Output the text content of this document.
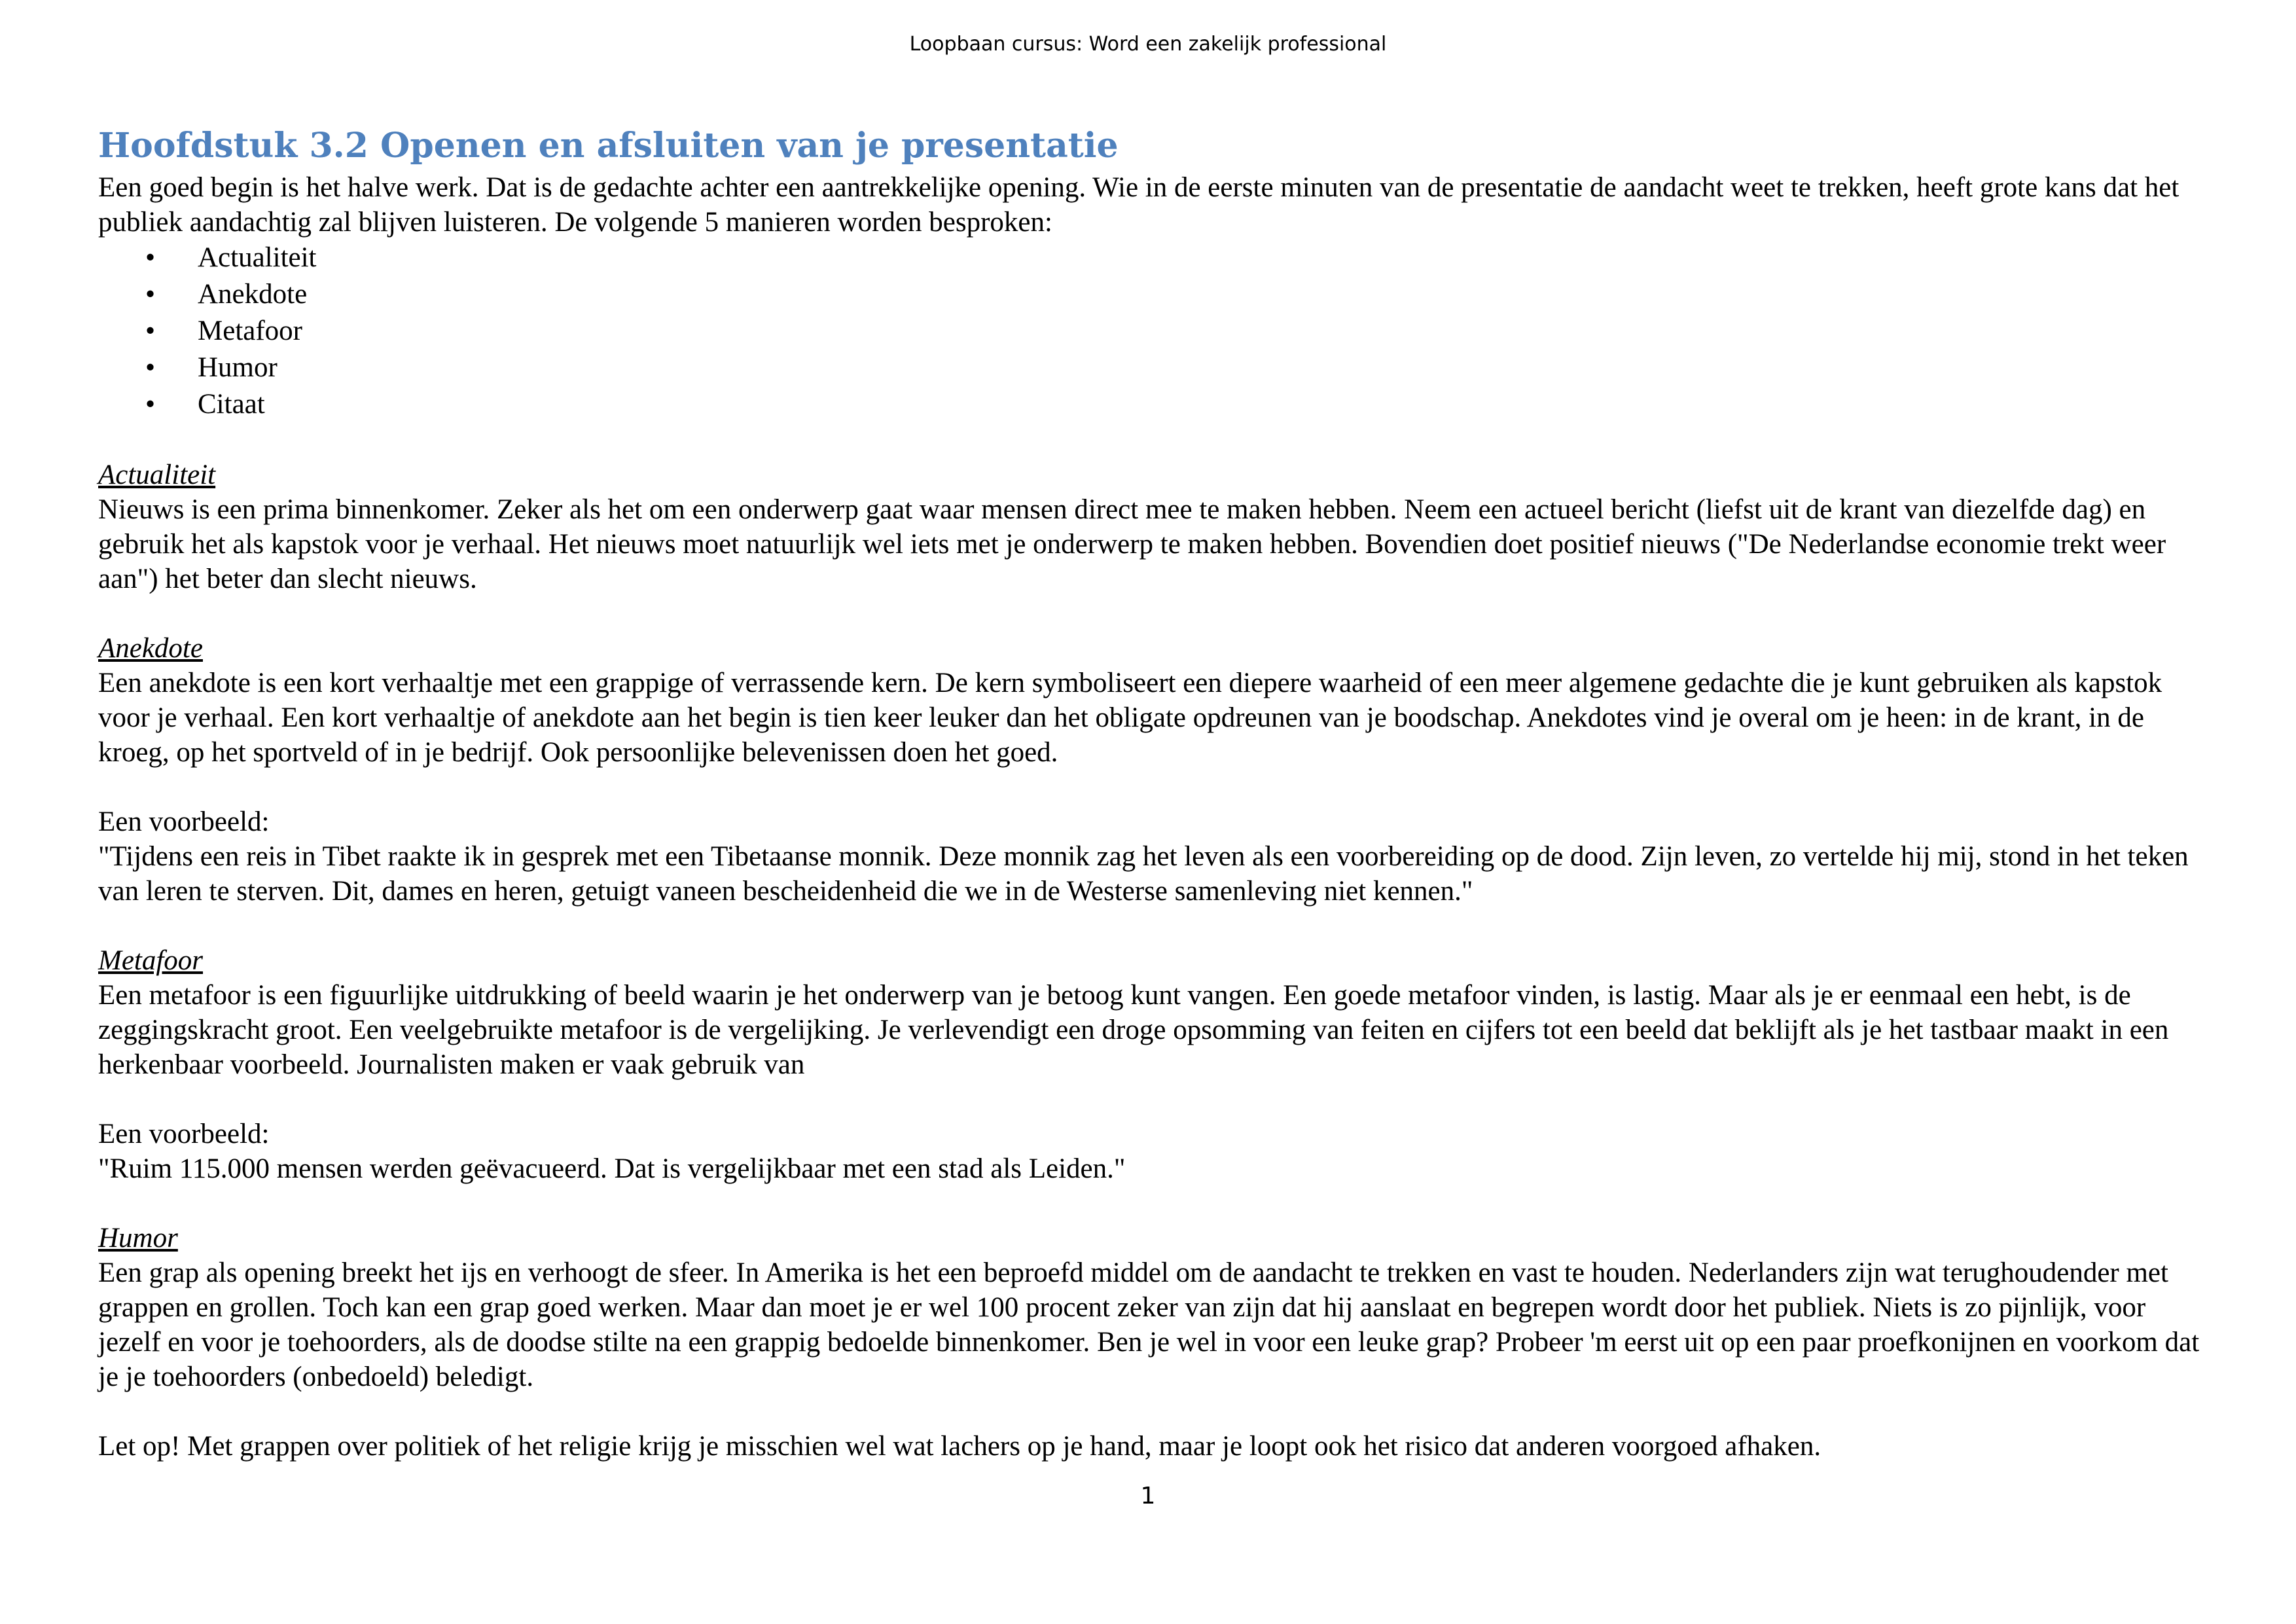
Loopbaan cursus: Word een zakelijk professional
Hoofdstuk 3.2 Openen en afsluiten van je presentatie

Een goed begin is het halve werk. Dat is de gedachte achter een aantrekkelijke opening. Wie in de eerste minuten van de presentatie de aandacht weet te trekken, heeft grote kans dat het publiek aandachtig zal blijven luisteren. De volgende 5 manieren worden besproken:

•	Actualiteit
•	Anekdote
•	Metafoor
•	Humor
•	Citaat

Actualiteit

Nieuws is een prima binnenkomer. Zeker als het om een onderwerp gaat waar mensen direct mee te maken hebben. Neem een actueel bericht (liefst uit de krant van diezelfde dag) en gebruik het als kapstok voor je verhaal. Het nieuws moet natuurlijk wel iets met je onderwerp te maken hebben. Bovendien doet positief nieuws ("De Nederlandse economie trekt weer aan") het beter dan slecht nieuws.

Anekdote

Een anekdote is een kort verhaaltje met een grappige of verrassende kern. De kern symboliseert een diepere waarheid of een meer algemene gedachte die je kunt gebruiken als kapstok voor je verhaal. Een kort verhaaltje of anekdote aan het begin is tien keer leuker dan het obligate opdreunen van je boodschap. Anekdotes vind je overal om je heen: in de krant, in de kroeg, op het sportveld of in je bedrijf. Ook persoonlijke belevenissen doen het goed.

Een voorbeeld:

"Tijdens een reis in Tibet raakte ik in gesprek met een Tibetaanse monnik. Deze monnik zag het leven als een voorbereiding op de dood. Zijn leven, zo vertelde hij mij, stond in het teken van leren te sterven. Dit, dames en heren, getuigt vaneen bescheidenheid die we in de Westerse samenleving niet kennen."

Metafoor

Een metafoor is een figuurlijke uitdrukking of beeld waarin je het onderwerp van je betoog kunt vangen. Een goede metafoor vinden, is lastig. Maar als je er eenmaal een hebt, is de zeggingskracht groot. Een veelgebruikte metafoor is de vergelijking. Je verlevendigt een droge opsomming van feiten en cijfers tot een beeld dat beklijft als je het tastbaar maakt in een herkenbaar voorbeeld. Journalisten maken er vaak gebruik van

Een voorbeeld:

"Ruim 115.000 mensen werden geëvacueerd. Dat is vergelijkbaar met een stad als Leiden."

Humor

Een grap als opening breekt het ijs en verhoogt de sfeer. In Amerika is het een beproefd middel om de aandacht te trekken en vast te houden. Nederlanders zijn wat terughoudender met grappen en grollen. Toch kan een grap goed werken. Maar dan moet je er wel 100 procent zeker van zijn dat hij aanslaat en begrepen wordt door het publiek. Niets is zo pijnlijk, voor jezelf en voor je toehoorders, als de doodse stilte na een grappig bedoelde binnenkomer. Ben je wel in voor een leuke grap? Probeer 'm eerst uit op een paar proefkonijnen en voorkom dat je je toehoorders (onbedoeld) beledigt.

Let op! Met grappen over politiek of het religie krijg je misschien wel wat lachers op je hand, maar je loopt ook het risico dat anderen voorgoed afhaken.

1
